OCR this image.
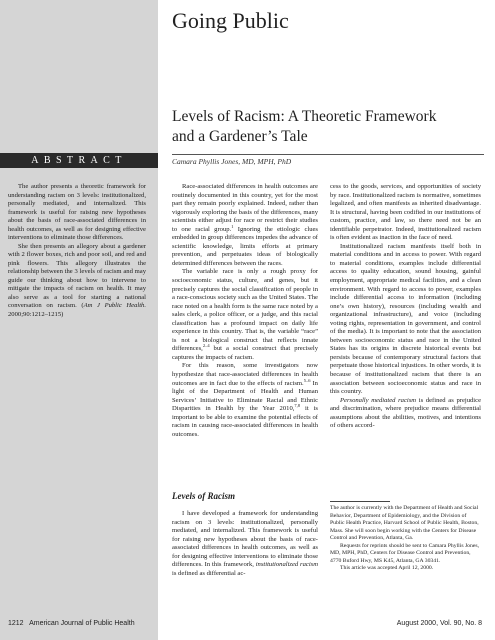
Going Public
Levels of Racism: A Theoretic Framework
and a Gardener’s Tale
Camara Phyllis Jones, MD, MPH, PhD
ABSTRACT

The author presents a theoretic framework for understanding racism on 3 levels: institutionalized, personally mediated, and internalized. This framework is useful for raising new hypotheses about the basis of race-associated differences in health outcomes, as well as for designing effective interventions to eliminate those differences.

She then presents an allegory about a gardener with 2 flower boxes, rich and poor soil, and red and pink flowers. This allegory illustrates the relationship between the 3 levels of racism and may guide our thinking about how to intervene to mitigate the impacts of racism on health. It may also serve as a tool for starting a national conversation on racism. (Am J Public Health. 2000;90:1212–1215)

Race-associated differences in health outcomes are routinely documented in this country, yet for the most part they remain poorly explained. Indeed, rather than vigorously exploring the basis of the differences, many scientists either adjust for race or restrict their studies to one racial group.$^1$ Ignoring the etiologic clues embedded in group differences impedes the advance of scientific knowledge, limits efforts at primary prevention, and perpetuates ideas of biologically determined differences between the races.

The variable race is only a rough proxy for socioeconomic status, culture, and genes, but it precisely captures the social classification of people in a race-conscious society such as the United States. The race noted on a health form is the same race noted by a sales clerk, a police officer, or a judge, and this racial classification has a profound impact on daily life experience in this country. That is, the variable “race” is not a biological construct that reflects innate differences,$^{2-4}$ but a social construct that precisely captures the impacts of racism.

For this reason, some investigators now hypothesize that race-associated differences in health outcomes are in fact due to the effects of racism.$^{5-6}$ In light of the Department of Health and Human Services’ Initiative to Eliminate Racial and Ethnic Disparities in Health by the Year 2010,$^{7,8}$ it is important to be able to examine the potential effects of racism in causing race-associated differences in health outcomes.

Levels of Racism

I have developed a framework for understanding racism on 3 levels: institutionalized, personally mediated, and internalized. This framework is useful for raising new hypotheses about the basis of race-associated differences in health outcomes, as well as for designing effective interventions to eliminate those differences. In this framework, institutionalized racism is defined as differential ac-

cess to the goods, services, and opportunities of society by race. Institutionalized racism is normative, sometimes legalized, and often manifests as inherited disadvantage. It is structural, having been codified in our institutions of custom, practice, and law, so there need not be an identifiable perpetrator. Indeed, institutionalized racism is often evident as inaction in the face of need.

Institutionalized racism manifests itself both in material conditions and in access to power. With regard to material conditions, examples include differential access to quality education, sound housing, gainful employment, appropriate medical facilities, and a clean environment. With regard to access to power, examples include differential access to information (including one’s own history), resources (including wealth and organizational infrastructure), and voice (including voting rights, representation in government, and control of the media). It is important to note that the association between socioeconomic status and race in the United States has its origins in discrete historical events but persists because of contemporary structural factors that perpetuate those historical injustices. In other words, it is because of institutionalized racism that there is an association between socioeconomic status and race in this country.

Personally mediated racism is defined as prejudice and discrimination, where prejudice means differential assumptions about the abilities, motives, and intentions of others accord-

The author is currently with the Department of Health and Social Behavior, Department of Epidemiology, and the Division of Public Health Practice, Harvard School of Public Health, Boston, Mass. She will soon begin working with the Centers for Disease Control and Prevention, Atlanta, Ga.

Requests for reprints should be sent to Camara Phyllis Jones, MD, MPH, PhD, Centers for Disease Control and Prevention, 4770 Buford Hwy, MS K45, Atlanta, GA 30341.

This article was accepted April 12, 2000.

1212 American Journal of Public Health	August 2000, Vol. 90, No. 8
